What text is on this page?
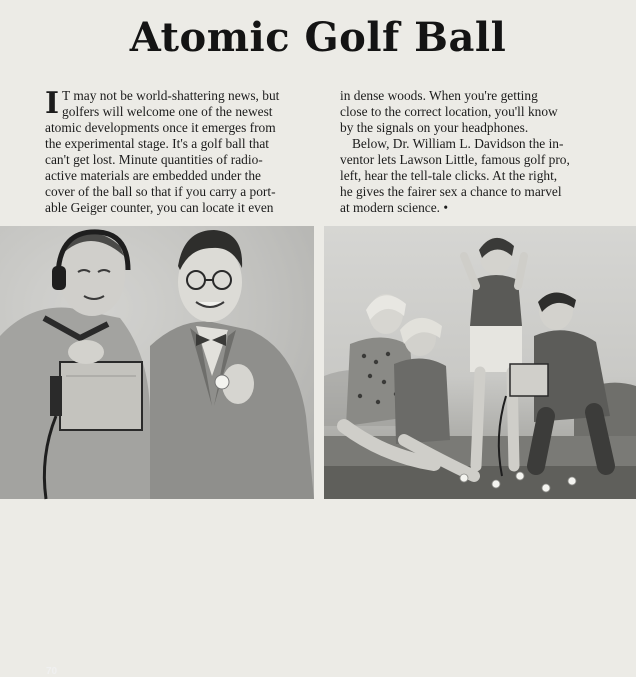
Atomic Golf Ball
I T may not be world-shattering news, but
golfers will welcome one of the newest
atomic developments once it emerges from
the experimental stage. It's a golf ball that
can't get lost. Minute quantities of radio-
active materials are embedded under the
cover of the ball so that if you carry a port-
able Geiger counter, you can locate it even
in dense woods. When you're getting
close to the correct location, you'll know
by the signals on your headphones.
Below, Dr. William L. Davidson the in-
ventor lets Lawson Little, famous golf pro,
left, hear the tell-tale clicks. At the right,
he gives the fairer sex a chance to marvel
at modern science. •
70
